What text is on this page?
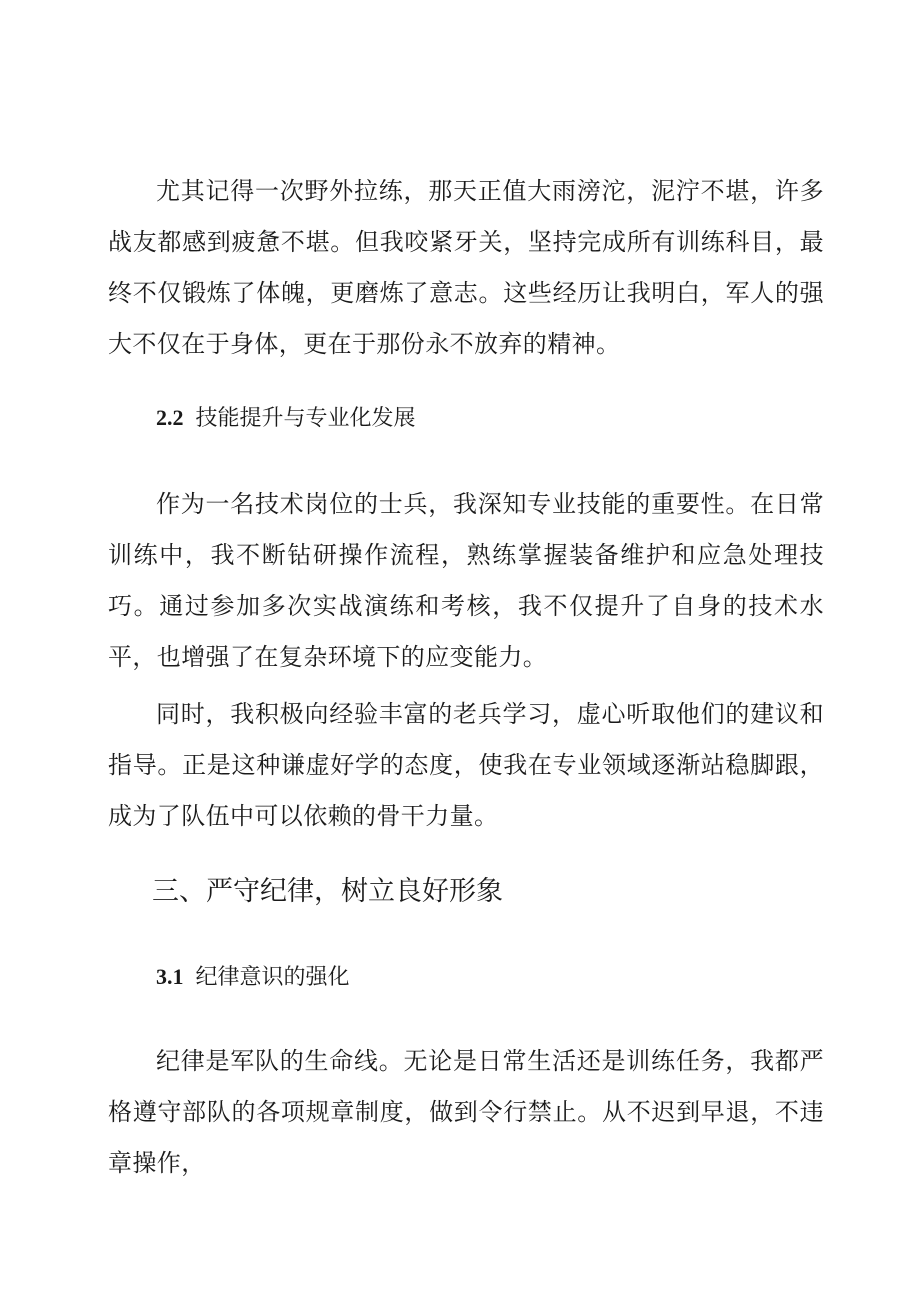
尤其记得一次野外拉练，那天正值大雨滂沱，泥泞不堪，许多战友都感到疲惫不堪。但我咬紧牙关，坚持完成所有训练科目，最终不仅锻炼了体魄，更磨炼了意志。这些经历让我明白，军人的强大不仅在于身体，更在于那份永不放弃的精神。

2.2 技能提升与专业化发展

作为一名技术岗位的士兵，我深知专业技能的重要性。在日常训练中，我不断钻研操作流程，熟练掌握装备维护和应急处理技巧。通过参加多次实战演练和考核，我不仅提升了自身的技术水平，也增强了在复杂环境下的应变能力。

同时，我积极向经验丰富的老兵学习，虚心听取他们的建议和指导。正是这种谦虚好学的态度，使我在专业领域逐渐站稳脚跟，成为了队伍中可以依赖的骨干力量。

三、严守纪律，树立良好形象
3.1 纪律意识的强化

纪律是军队的生命线。无论是日常生活还是训练任务，我都严格遵守部队的各项规章制度，做到令行禁止。从不迟到早退，不违章操作，
